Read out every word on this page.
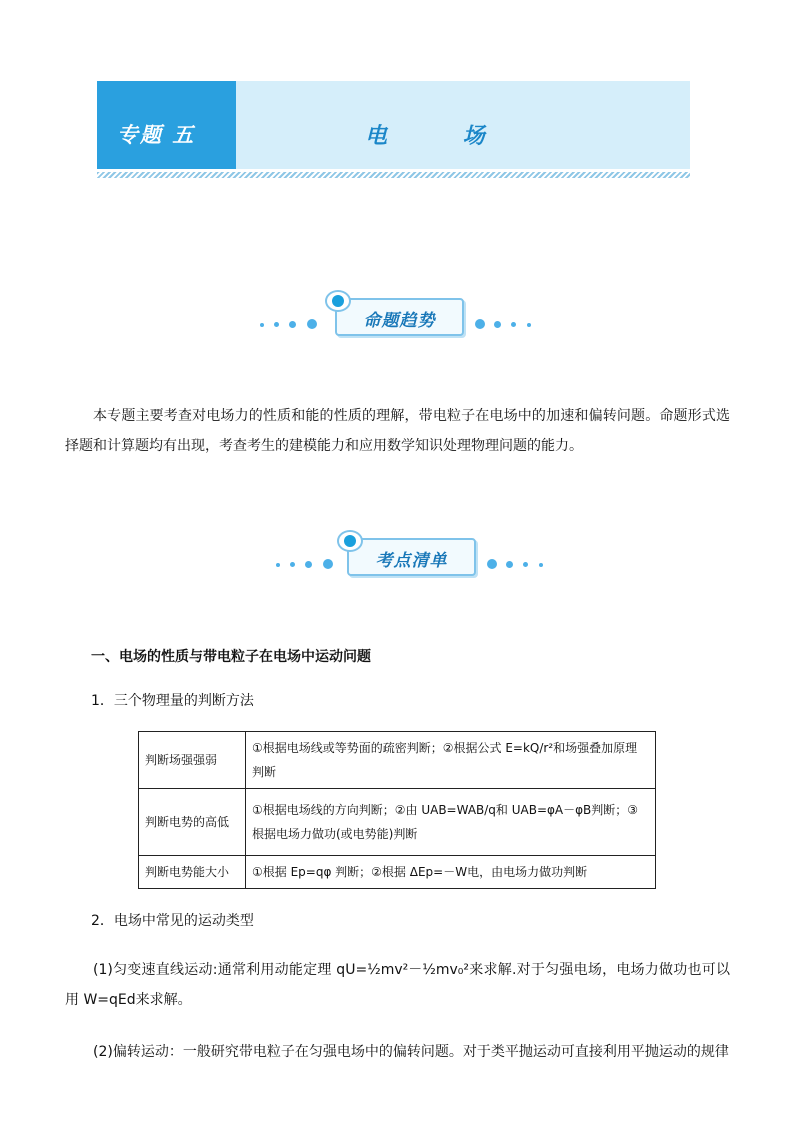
专题 五	电 场
命题趋势
本专题主要考查对电场力的性质和能的性质的理解，带电粒子在电场中的加速和偏转问题。命题形式选择题和计算题均有出现，考查考生的建模能力和应用数学知识处理物理问题的能力。
考点清单
一、电场的性质与带电粒子在电场中运动问题
1．三个物理量的判断方法
判断场强强弱	①根据电场线或等势面的疏密判断；②根据公式 E=kQ/r²和场强叠加原理判断
判断电势的高低	①根据电场线的方向判断；②由 UAB=WAB/q和 UAB=φA－φB判断；③根据电场力做功(或电势能)判断
判断电势能大小	①根据 Ep=qφ 判断；②根据 ΔEp=－W电，由电场力做功判断
2．电场中常见的运动类型
(1)匀变速直线运动:通常利用动能定理 qU=½mv²－½mv₀²来求解.对于匀强电场，电场力做功也可以用 W=qEd来求解。
(2)偏转运动：一般研究带电粒子在匀强电场中的偏转问题。对于类平抛运动可直接利用平抛运动的规律
